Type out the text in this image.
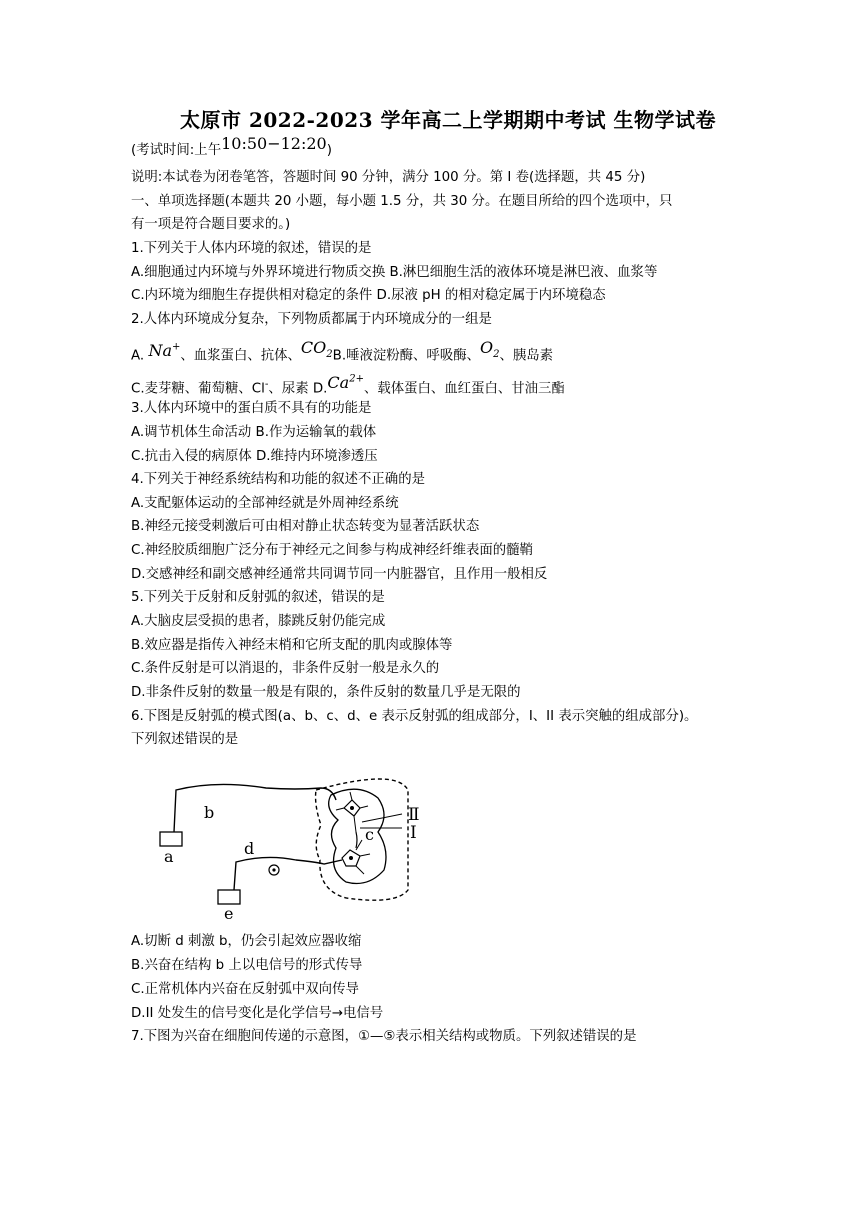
太原市 2022-2023 学年高二上学期期中考试 生物学试卷
(考试时间:上午10:50−12:20)
说明:本试卷为闭卷笔答，答题时间 90 分钟，满分 100 分。第 I 卷(选择题，共 45 分)
一、单项选择题(本题共 20 小题，每小题 1.5 分，共 30 分。在题目所给的四个选项中，只
有一项是符合题目要求的。)
1.下列关于人体内环境的叙述，错误的是
A.细胞通过内环境与外界环境进行物质交换 B.淋巴细胞生活的液体环境是淋巴液、血浆等
C.内环境为细胞生存提供相对稳定的条件 D.尿液 pH 的相对稳定属于内环境稳态
2.人体内环境成分复杂，下列物质都属于内环境成分的一组是
A. Na+、血浆蛋白、抗体、$CO_2B$.唾液淀粉酶、呼吸酶、$O_2$、胰岛素
C.麦芽糖、葡萄糖、Cl-、尿素 $D.Ca^{2+}$、载体蛋白、血红蛋白、甘油三酯
3.人体内环境中的蛋白质不具有的功能是
A.调节机体生命活动 B.作为运输氧的载体
C.抗击入侵的病原体 D.维持内环境渗透压
4.下列关于神经系统结构和功能的叙述不正确的是
A.支配躯体运动的全部神经就是外周神经系统
B.神经元接受刺激后可由相对静止状态转变为显著活跃状态
C.神经胶质细胞广泛分布于神经元之间参与构成神经纤维表面的髓鞘
D.交感神经和副交感神经通常共同调节同一内脏器官，且作用一般相反
5.下列关于反射和反射弧的叙述，错误的是
A.大脑皮层受损的患者，膝跳反射仍能完成
B.效应器是指传入神经末梢和它所支配的肌肉或腺体等
C.条件反射是可以消退的，非条件反射一般是永久的
D.非条件反射的数量一般是有限的，条件反射的数量几乎是无限的
6.下图是反射弧的模式图(a、b、c、d、e 表示反射弧的组成部分，I、II 表示突触的组成部分)。
下列叙述错误的是
b
a	d
e
c
Ⅱ
I
A.切断 d 刺激 b，仍会引起效应器收缩
B.兴奋在结构 b 上以电信号的形式传导
C.正常机体内兴奋在反射弧中双向传导
D.II 处发生的信号变化是化学信号→电信号
7.下图为兴奋在细胞间传递的示意图，①—⑤表示相关结构或物质。下列叙述错误的是
